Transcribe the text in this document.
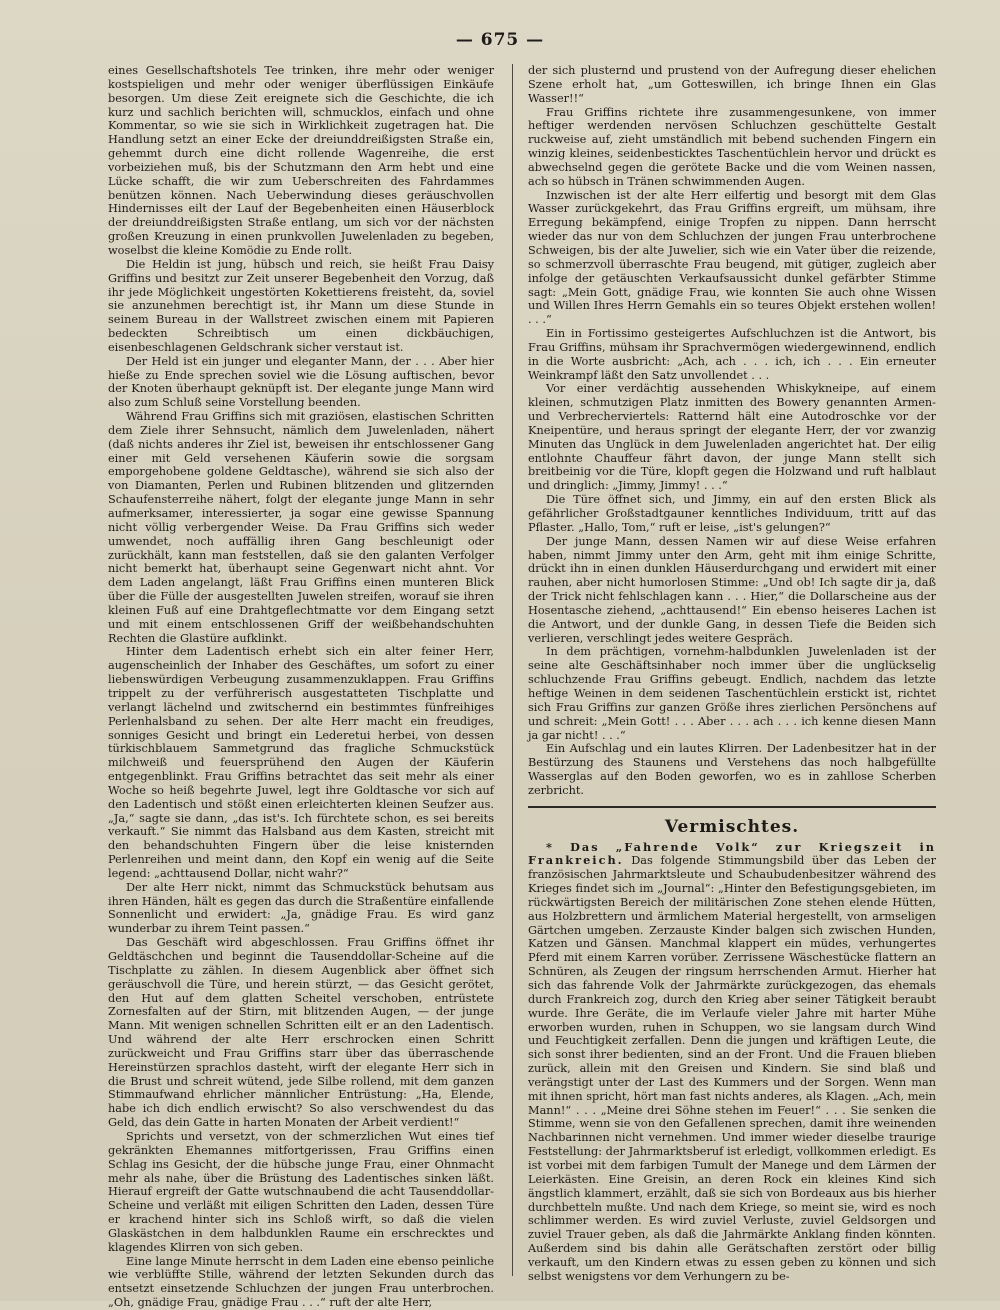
— 675 —

eines Gesellschaftshotels Tee trinken, ihre mehr oder weniger kostspieligen und mehr oder weniger überflüssigen Einkäufe besorgen. Um diese Zeit ereignete sich die Geschichte, die ich kurz und sachlich berichten will, schmucklos, einfach und ohne Kommentar, so wie sie sich in Wirklichkeit zugetragen hat. Die Handlung setzt an einer Ecke der dreiunddreißigsten Straße ein, gehemmt durch eine dicht rollende Wagenreihe, die erst vorbeiziehen muß, bis der Schutzmann den Arm hebt und eine Lücke schafft, die wir zum Ueberschreiten des Fahrdammes benützen können. Nach Ueberwindung dieses geräuschvollen Hindernisses eilt der Lauf der Begebenheiten einen Häuserblock der dreiunddreißigsten Straße entlang, um sich vor der nächsten großen Kreuzung in einen prunkvollen Juwelenladen zu begeben, woselbst die kleine Komödie zu Ende rollt.

Die Heldin ist jung, hübsch und reich, sie heißt Frau Daisy Griffins und besitzt zur Zeit unserer Begebenheit den Vorzug, daß ihr jede Möglichkeit ungestörten Kokettierens freisteht, da, soviel sie anzunehmen berechtigt ist, ihr Mann um diese Stunde in seinem Bureau in der Wallstreet zwischen einem mit Papieren bedeckten Schreibtisch um einen dickbäuchigen, eisenbeschlagenen Geldschrank sicher verstaut ist.

Der Held ist ein junger und eleganter Mann, der . . . Aber hier hieße zu Ende sprechen soviel wie die Lösung auftischen, bevor der Knoten überhaupt geknüpft ist. Der elegante junge Mann wird also zum Schluß seine Vorstellung beenden.

Während Frau Griffins sich mit graziösen, elastischen Schritten dem Ziele ihrer Sehnsucht, nämlich dem Juwelenladen, nähert (daß nichts anderes ihr Ziel ist, beweisen ihr entschlossener Gang einer mit Geld versehenen Käuferin sowie die sorgsam emporgehobene goldene Geldtasche), während sie sich also der von Diamanten, Perlen und Rubinen blitzenden und glitzernden Schaufensterreihe nähert, folgt der elegante junge Mann in sehr aufmerksamer, interessierter, ja sogar eine gewisse Spannung nicht völlig verbergender Weise. Da Frau Griffins sich weder umwendet, noch auffällig ihren Gang beschleunigt oder zurückhält, kann man feststellen, daß sie den galanten Verfolger nicht bemerkt hat, überhaupt seine Gegenwart nicht ahnt. Vor dem Laden angelangt, läßt Frau Griffins einen munteren Blick über die Fülle der ausgestellten Juwelen streifen, worauf sie ihren kleinen Fuß auf eine Drahtgeflechtmatte vor dem Eingang setzt und mit einem entschlossenen Griff der weißbehandschuhten Rechten die Glastüre aufklinkt.

Hinter dem Ladentisch erhebt sich ein alter feiner Herr, augenscheinlich der Inhaber des Geschäftes, um sofort zu einer liebenswürdigen Verbeugung zusammenzuklappen. Frau Griffins trippelt zu der verführerisch ausgestatteten Tischplatte und verlangt lächelnd und zwitschernd ein bestimmtes fünfreihiges Perlenhalsband zu sehen. Der alte Herr macht ein freudiges, sonniges Gesicht und bringt ein Lederetui herbei, von dessen türkischblauem Sammetgrund das fragliche Schmuckstück milchweiß und feuersprühend den Augen der Käuferin entgegenblinkt. Frau Griffins betrachtet das seit mehr als einer Woche so heiß begehrte Juwel, legt ihre Goldtasche vor sich auf den Ladentisch und stößt einen erleichterten kleinen Seufzer aus. „Ja,“ sagte sie dann, „das ist's. Ich fürchtete schon, es sei bereits verkauft.“ Sie nimmt das Halsband aus dem Kasten, streicht mit den behandschuhten Fingern über die leise knisternden Perlenreihen und meint dann, den Kopf ein wenig auf die Seite legend: „achttausend Dollar, nicht wahr?“

Der alte Herr nickt, nimmt das Schmuckstück behutsam aus ihren Händen, hält es gegen das durch die Straßentüre einfallende Sonnenlicht und erwidert: „Ja, gnädige Frau. Es wird ganz wunderbar zu ihrem Teint passen.“

Das Geschäft wird abgeschlossen. Frau Griffins öffnet ihr Geldtäschchen und beginnt die Tausenddollar-Scheine auf die Tischplatte zu zählen. In diesem Augenblick aber öffnet sich geräuschvoll die Türe, und herein stürzt, — das Gesicht gerötet, den Hut auf dem glatten Scheitel verschoben, entrüstete Zornesfalten auf der Stirn, mit blitzenden Augen, — der junge Mann. Mit wenigen schnellen Schritten eilt er an den Ladentisch. Und während der alte Herr erschrocken einen Schritt zurückweicht und Frau Griffins starr über das überraschende Hereinstürzen sprachlos dasteht, wirft der elegante Herr sich in die Brust und schreit wütend, jede Silbe rollend, mit dem ganzen Stimmaufwand ehrlicher männlicher Entrüstung: „Ha, Elende, habe ich dich endlich erwischt? So also verschwendest du das Geld, das dein Gatte in harten Monaten der Arbeit verdient!“

Sprichts und versetzt, von der schmerzlichen Wut eines tief gekränkten Ehemannes mitfortgerissen, Frau Griffins einen Schlag ins Gesicht, der die hübsche junge Frau, einer Ohnmacht mehr als nahe, über die Brüstung des Ladentisches sinken läßt. Hierauf ergreift der Gatte wutschnaubend die acht Tausenddollar-Scheine und verläßt mit eiligen Schritten den Laden, dessen Türe er krachend hinter sich ins Schloß wirft, so daß die vielen Glaskästchen in dem halbdunklen Raume ein erschrecktes und klagendes Klirren von sich geben.

Eine lange Minute herrscht in dem Laden eine ebenso peinliche wie verblüffte Stille, während der letzten Sekunden durch das entsetzt einsetzende Schluchzen der jungen Frau unterbrochen. „Oh, gnädige Frau, gnädige Frau . . .“ ruft der alte Herr,

der sich plusternd und prustend von der Aufregung dieser ehelichen Szene erholt hat, „um Gotteswillen, ich bringe Ihnen ein Glas Wasser!!“

Frau Griffins richtete ihre zusammengesunkene, von immer heftiger werdenden nervösen Schluchzen geschüttelte Gestalt ruckweise auf, zieht umständlich mit bebend suchenden Fingern ein winzig kleines, seidenbesticktes Taschentüchlein hervor und drückt es abwechselnd gegen die gerötete Backe und die vom Weinen nassen, ach so hübsch in Tränen schwimmenden Augen.

Inzwischen ist der alte Herr eilfertig und besorgt mit dem Glas Wasser zurückgekehrt, das Frau Griffins ergreift, um mühsam, ihre Erregung bekämpfend, einige Tropfen zu nippen. Dann herrscht wieder das nur von dem Schluchzen der jungen Frau unterbrochene Schweigen, bis der alte Juwelier, sich wie ein Vater über die reizende, so schmerzvoll überraschte Frau beugend, mit gütiger, zugleich aber infolge der getäuschten Verkaufsaussicht dunkel gefärbter Stimme sagt: „Mein Gott, gnädige Frau, wie konnten Sie auch ohne Wissen und Willen Ihres Herrn Gemahls ein so teures Objekt erstehen wollen! . . .“

Ein in Fortissimo gesteigertes Aufschluchzen ist die Antwort, bis Frau Griffins, mühsam ihr Sprachvermögen wiedergewinnend, endlich in die Worte ausbricht: „Ach, ach . . . ich, ich . . . Ein erneuter Weinkrampf läßt den Satz unvollendet . . .

Vor einer verdächtig aussehenden Whiskykneipe, auf einem kleinen, schmutzigen Platz inmitten des Bowery genannten Armen- und Verbrecherviertels: Ratternd hält eine Autodroschke vor der Kneipentüre, und heraus springt der elegante Herr, der vor zwanzig Minuten das Unglück in dem Juwelenladen angerichtet hat. Der eilig entlohnte Chauffeur fährt davon, der junge Mann stellt sich breitbeinig vor die Türe, klopft gegen die Holzwand und ruft halblaut und dringlich: „Jimmy, Jimmy! . . .“

Die Türe öffnet sich, und Jimmy, ein auf den ersten Blick als gefährlicher Großstadtgauner kenntliches Individuum, tritt auf das Pflaster. „Hallo, Tom,“ ruft er leise, „ist's gelungen?“

Der junge Mann, dessen Namen wir auf diese Weise erfahren haben, nimmt Jimmy unter den Arm, geht mit ihm einige Schritte, drückt ihn in einen dunklen Häuserdurchgang und erwidert mit einer rauhen, aber nicht humorlosen Stimme: „Und ob! Ich sagte dir ja, daß der Trick nicht fehlschlagen kann . . . Hier,“ die Dollarscheine aus der Hosentasche ziehend, „achttausend!“ Ein ebenso heiseres Lachen ist die Antwort, und der dunkle Gang, in dessen Tiefe die Beiden sich verlieren, verschlingt jedes weitere Gespräch.

In dem prächtigen, vornehm-halbdunklen Juwelenladen ist der seine alte Geschäftsinhaber noch immer über die unglückselig schluchzende Frau Griffins gebeugt. Endlich, nachdem das letzte heftige Weinen in dem seidenen Taschentüchlein erstickt ist, richtet sich Frau Griffins zur ganzen Größe ihres zierlichen Persönchens auf und schreit: „Mein Gott! . . . Aber . . . ach . . . ich kenne diesen Mann ja gar nicht! . . .“

Ein Aufschlag und ein lautes Klirren. Der Ladenbesitzer hat in der Bestürzung des Staunens und Verstehens das noch halbgefüllte Wasserglas auf den Boden geworfen, wo es in zahllose Scherben zerbricht.

Vermischtes.

* Das „Fahrende Volk“ zur Kriegszeit in Frankreich. Das folgende Stimmungsbild über das Leben der französischen Jahrmarktsleute und Schaubudenbesitzer während des Krieges findet sich im „Journal“: „Hinter den Befestigungsgebieten, im rückwärtigsten Bereich der militärischen Zone stehen elende Hütten, aus Holzbrettern und ärmlichem Material hergestellt, von armseligen Gärtchen umgeben. Zerzauste Kinder balgen sich zwischen Hunden, Katzen und Gänsen. Manchmal klappert ein müdes, verhungertes Pferd mit einem Karren vorüber. Zerrissene Wäschestücke flattern an Schnüren, als Zeugen der ringsum herrschenden Armut. Hierher hat sich das fahrende Volk der Jahrmärkte zurückgezogen, das ehemals durch Frankreich zog, durch den Krieg aber seiner Tätigkeit beraubt wurde. Ihre Geräte, die im Verlaufe vieler Jahre mit harter Mühe erworben wurden, ruhen in Schuppen, wo sie langsam durch Wind und Feuchtigkeit zerfallen. Denn die jungen und kräftigen Leute, die sich sonst ihrer bedienten, sind an der Front. Und die Frauen blieben zurück, allein mit den Greisen und Kindern. Sie sind blaß und verängstigt unter der Last des Kummers und der Sorgen. Wenn man mit ihnen spricht, hört man fast nichts anderes, als Klagen. „Ach, mein Mann!“ . . . „Meine drei Söhne stehen im Feuer!“ . . . Sie senken die Stimme, wenn sie von den Gefallenen sprechen, damit ihre weinenden Nachbarinnen nicht vernehmen. Und immer wieder dieselbe traurige Feststellung: der Jahrmarktsberuf ist erledigt, vollkommen erledigt. Es ist vorbei mit dem farbigen Tumult der Manege und dem Lärmen der Leierkästen. Eine Greisin, an deren Rock ein kleines Kind sich ängstlich klammert, erzählt, daß sie sich von Bordeaux aus bis hierher durchbetteln mußte. Und nach dem Kriege, so meint sie, wird es noch schlimmer werden. Es wird zuviel Verluste, zuviel Geldsorgen und zuviel Trauer geben, als daß die Jahrmärkte Anklang finden könnten. Außerdem sind bis dahin alle Gerätschaften zerstört oder billig verkauft, um den Kindern etwas zu essen geben zu können und sich selbst wenigstens vor dem Verhungern zu be-
